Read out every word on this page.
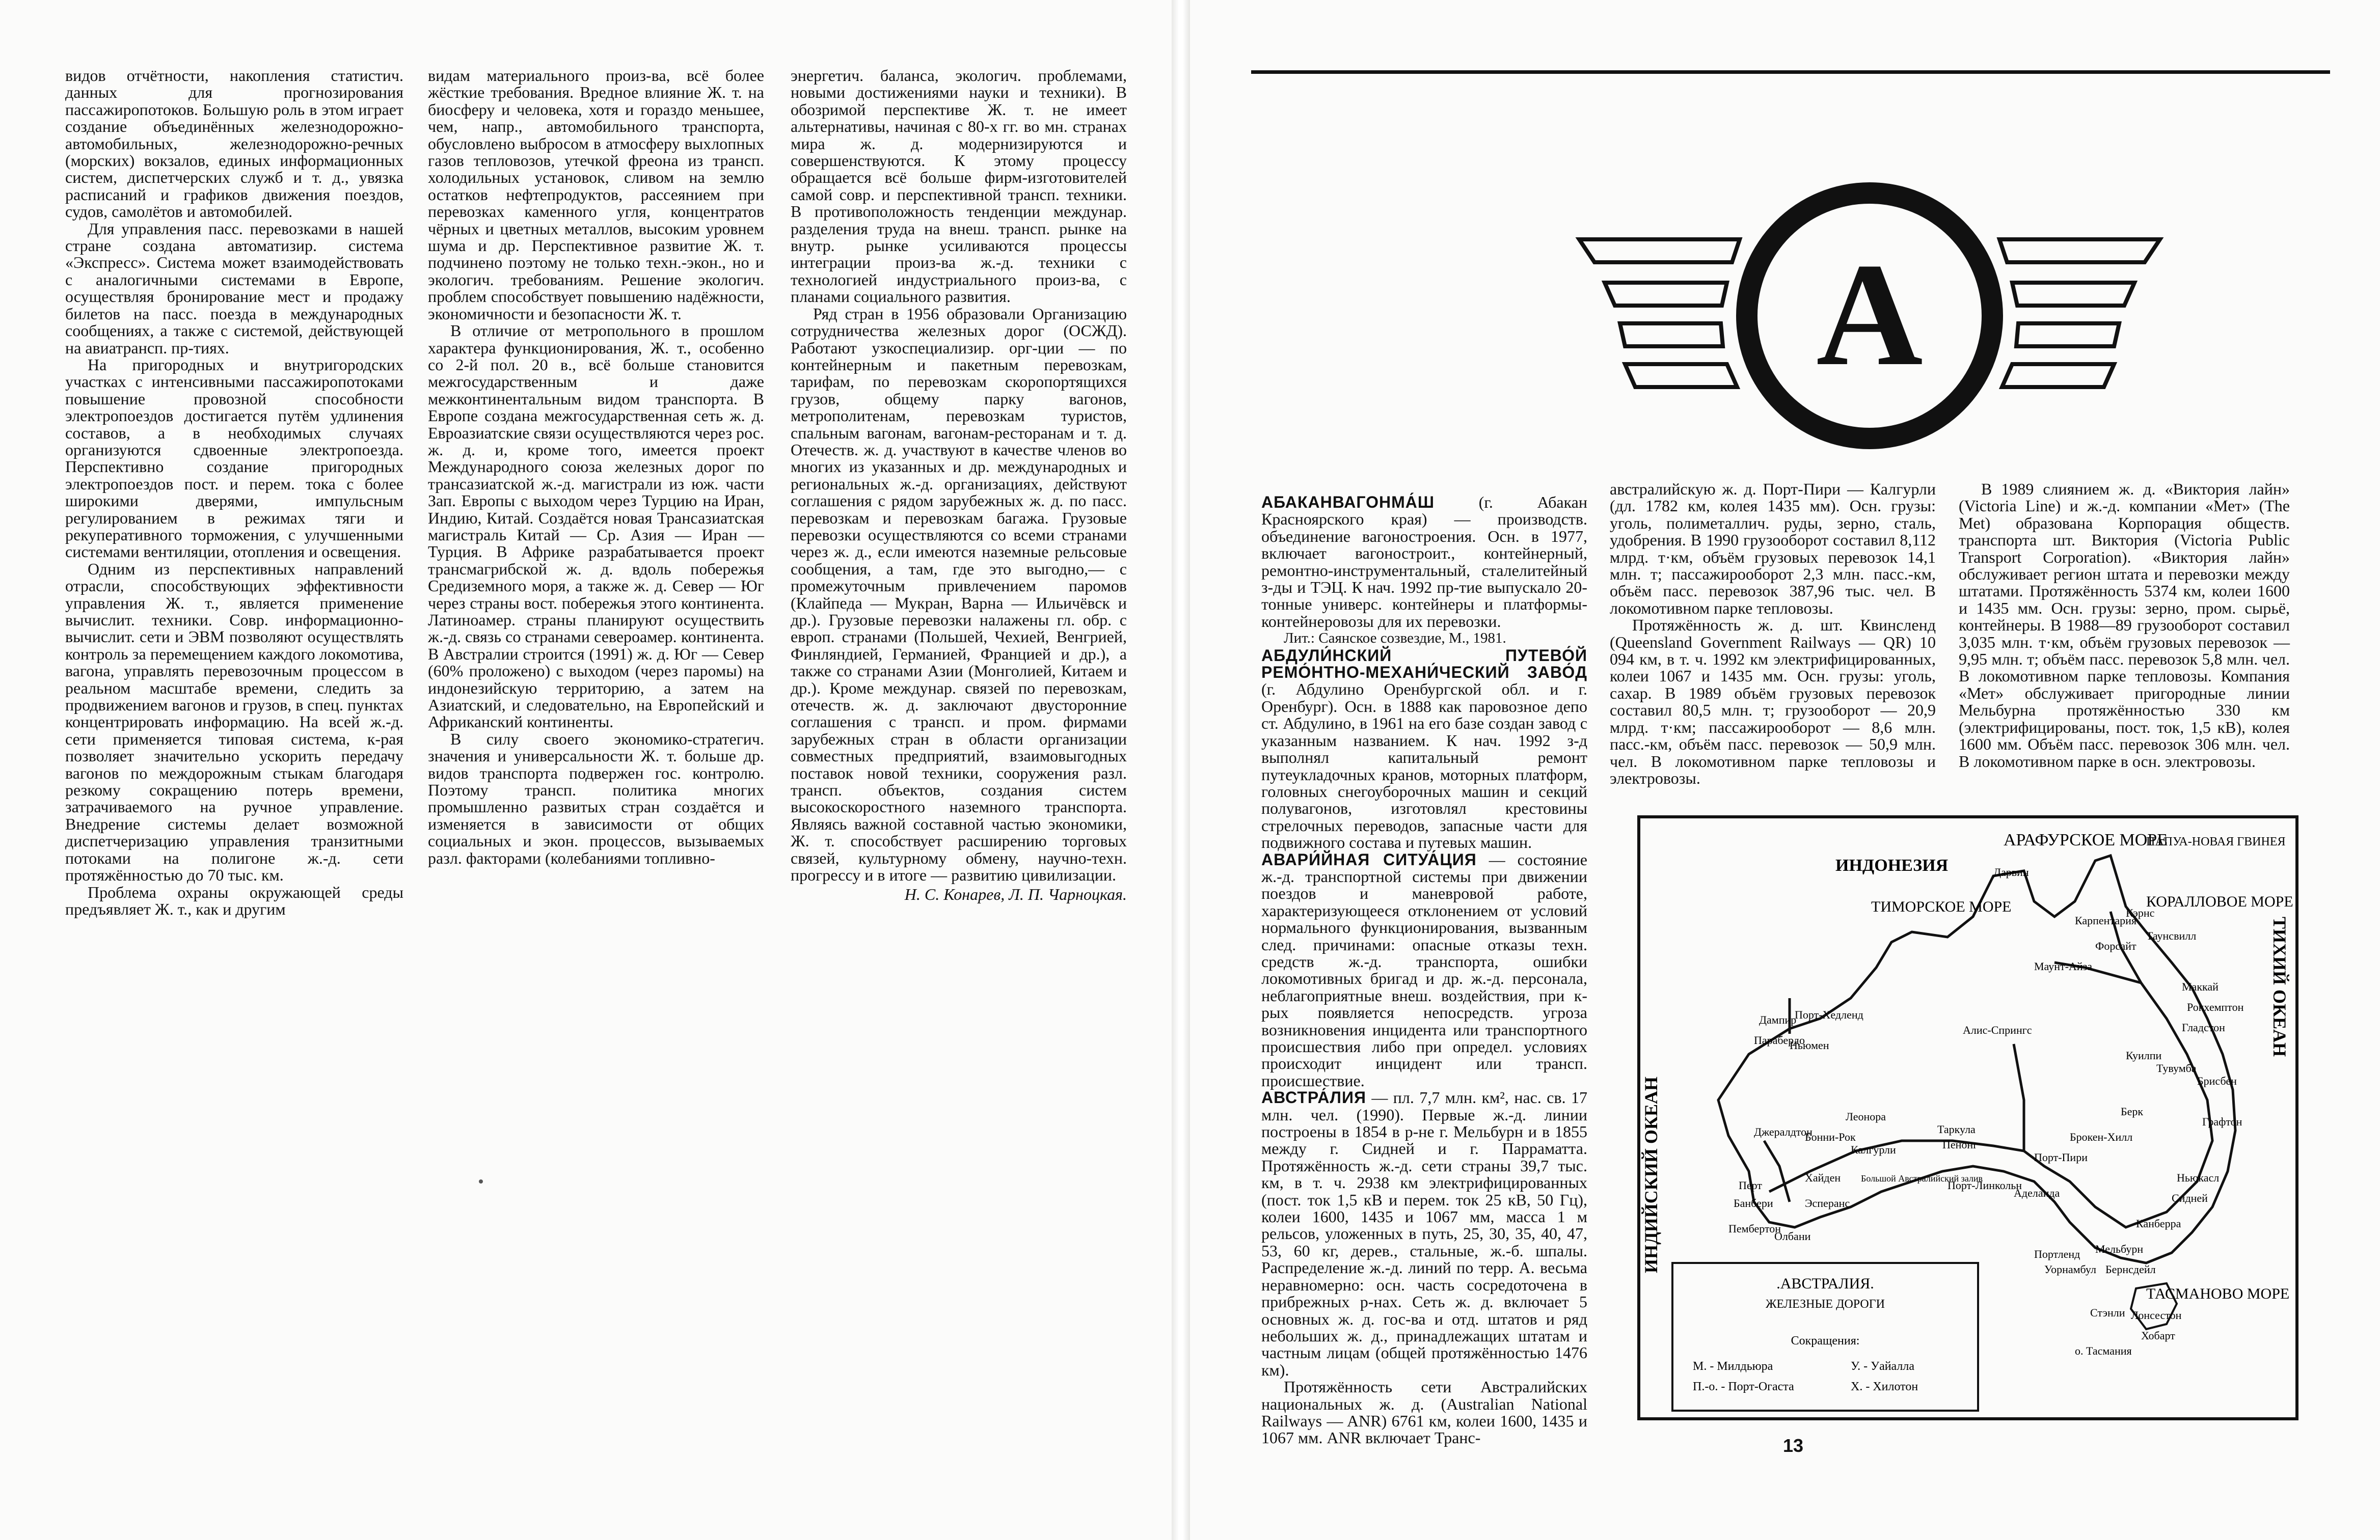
видов отчётности, накопления статистич. данных для прогнозирования пассажиропотоков. Большую роль в этом играет создание объединённых железнодорожно-автомобильных, железнодорожно-речных (морских) вокзалов, единых информационных систем, диспетчерских служб и т. д., увязка расписаний и графиков движения поездов, судов, самолётов и автомобилей.

Для управления пасс. перевозками в нашей стране создана автоматизир. система «Экспресс». Система может взаимодействовать с аналогичными системами в Европе, осуществляя бронирование мест и продажу билетов на пасс. поезда в международных сообщениях, а также с системой, действующей на авиатрансп. пр-тиях.

На пригородных и внутригородских участках с интенсивными пассажиропотоками повышение провозной способности электропоездов достигается путём удлинения составов, а в необходимых случаях организуются сдвоенные электропоезда. Перспективно создание пригородных электропоездов пост. и перем. тока с более широкими дверями, импульсным регулированием в режимах тяги и рекуперативного торможения, с улучшенными системами вентиляции, отопления и освещения.

Одним из перспективных направлений отрасли, способствующих эффективности управления Ж. т., является применение вычислит. техники. Совр. информационно-вычислит. сети и ЭВМ позволяют осуществлять контроль за перемещением каждого локомотива, вагона, управлять перевозочным процессом в реальном масштабе времени, следить за продвижением вагонов и грузов, в спец. пунктах концентрировать информацию. На всей ж.-д. сети применяется типовая система, к-рая позволяет значительно ускорить передачу вагонов по междорожным стыкам благодаря резкому сокращению потерь времени, затрачиваемого на ручное управление. Внедрение системы делает возможной диспетчеризацию управления транзитными потоками на полигоне ж.-д. сети протяжённостью до 70 тыс. км.

Проблема охраны окружающей среды предъявляет Ж. т., как и другим

видам материального произ-ва, всё более жёсткие требования. Вредное влияние Ж. т. на биосферу и человека, хотя и гораздо меньшее, чем, напр., автомобильного транспорта, обусловлено выбросом в атмосферу выхлопных газов тепловозов, утечкой фреона из трансп. холодильных установок, сливом на землю остатков нефтепродуктов, рассеянием при перевозках каменного угля, концентратов чёрных и цветных металлов, высоким уровнем шума и др. Перспективное развитие Ж. т. подчинено поэтому не только техн.-экон., но и экологич. требованиям. Решение экологич. проблем способствует повышению надёжности, экономичности и безопасности Ж. т.

В отличие от метропольного в прошлом характера функционирования, Ж. т., особенно со 2-й пол. 20 в., всё больше становится межгосударственным и даже межконтинентальным видом транспорта. В Европе создана межгосударственная сеть ж. д. Евроазиатские связи осуществляются через рос. ж. д. и, кроме того, имеется проект Международного союза железных дорог по трансазиатской ж.-д. магистрали из юж. части Зап. Европы с выходом через Турцию на Иран, Индию, Китай. Создаётся новая Трансазиатская магистраль Китай — Ср. Азия — Иран — Турция. В Африке разрабатывается проект трансмагрибской ж. д. вдоль побережья Средиземного моря, а также ж. д. Север — Юг через страны вост. побережья этого континента. Латиноамер. страны планируют осуществить ж.-д. связь со странами североамер. континента. В Австралии строится (1991) ж. д. Юг — Север (60% проложено) с выходом (через паромы) на индонезийскую территорию, а затем на Азиатский, и следовательно, на Европейский и Африканский континенты.

В силу своего экономико-стратегич. значения и универсальности Ж. т. больше др. видов транспорта подвержен гос. контролю. Поэтому трансп. политика многих промышленно развитых стран создаётся и изменяется в зависимости от общих социальных и экон. процессов, вызываемых разл. факторами (колебаниями топливно-

энергетич. баланса, экологич. проблемами, новыми достижениями науки и техники). В обозримой перспективе Ж. т. не имеет альтернативы, начиная с 80-х гг. во мн. странах мира ж. д. модернизируются и совершенствуются. К этому процессу обращается всё больше фирм-изготовителей самой совр. и перспективной трансп. техники. В противоположность тенденции междунар. разделения труда на внеш. трансп. рынке на внутр. рынке усиливаются процессы интеграции произ-ва ж.-д. техники с технологией индустриального произ-ва, с планами социального развития.

Ряд стран в 1956 образовали Организацию сотрудничества железных дорог (ОСЖД). Работают узкоспециализир. орг-ции — по контейнерным и пакетным перевозкам, тарифам, по перевозкам скоропортящихся грузов, общему парку вагонов, метрополитенам, перевозкам туристов, спальным вагонам, вагонам-ресторанам и т. д. Отечеств. ж. д. участвуют в качестве членов во многих из указанных и др. международных и региональных ж.-д. организациях, действуют соглашения с рядом зарубежных ж. д. по пасс. перевозкам и перевозкам багажа. Грузовые перевозки осуществляются со всеми странами через ж. д., если имеются наземные рельсовые сообщения, а там, где это выгодно,— с промежуточным привлечением паромов (Клайпеда — Мукран, Варна — Ильичёвск и др.). Грузовые перевозки налажены гл. обр. с европ. странами (Польшей, Чехией, Венгрией, Финляндией, Германией, Францией и др.), а также со странами Азии (Монголией, Китаем и др.). Кроме междунар. связей по перевозкам, отечеств. ж. д. заключают двусторонние соглашения с трансп. и пром. фирмами зарубежных стран в области организации совместных предприятий, взаимовыгодных поставок новой техники, сооружения разл. трансп. объектов, создания систем высокоскоростного наземного транспорта. Являясь важной составной частью экономики, Ж. т. способствует расширению торговых связей, культурному обмену, научно-техн. прогрессу и в итоге — развитию цивилизации.

Н. С. Конарев, Л. П. Чарноцкая.

А

АБАКАНВАГОНМА́Ш	(г. Абакан Красноярского края) — производств. объединение вагоностроения. Осн. в 1977, включает вагоностроит., контейнерный, ремонтно-инструментальный, сталелитейный з-ды и ТЭЦ. К нач. 1992 пр-тие выпускало 20-тонные универс. контейнеры и платформы-контейнеровозы для их перевозки.

Лит.: Саянское созвездие, М., 1981.

АБДУЛИ́НСКИЙ ПУТЕВО́Й РЕМО́НТНО-МЕХАНИ́ЧЕСКИЙ ЗАВО́Д (г. Абдулино Оренбургской обл. и г. Оренбург). Осн. в 1888 как паровозное депо ст. Абдулино, в 1961 на его базе создан завод с указанным названием. К нач. 1992 з-д выполнял капитальный ремонт путеукладочных кранов, моторных платформ, головных снегоуборочных машин и секций полувагонов, изготовлял крестовины стрелочных переводов, запасные части для подвижного состава и путевых машин.

АВАРИ́ЙНАЯ СИТУА́ЦИЯ — состояние ж.-д. транспортной системы при движении поездов и маневровой работе, характеризующееся отклонением от условий нормального функционирования, вызванным след. причинами: опасные отказы техн. средств ж.-д. транспорта, ошибки локомотивных бригад и др. ж.-д. персонала, неблагоприятные внеш. воздействия, при к-рых появляется непосредств. угроза возникновения инцидента или транспортного происшествия либо при определ. условиях происходит инцидент или трансп. происшествие.

АВСТРА́ЛИЯ — пл. 7,7 млн. км², нас. св. 17 млн. чел. (1990). Первые ж.-д. линии построены в 1854 в р-не г. Мельбурн и в 1855 между г. Сидней и г. Парраматта. Протяжённость ж.-д. сети страны 39,7 тыс. км, в т. ч. 2938 км электрифицированных (пост. ток 1,5 кВ и перем. ток 25 кВ, 50 Гц), колеи 1600, 1435 и 1067 мм, масса 1 м рельсов, уложенных в путь, 25, 30, 35, 40, 47, 53, 60 кг, дерев., стальные, ж.-б. шпалы. Распределение ж.-д. линий по терр. А. весьма неравномерно: осн. часть сосредоточена в прибрежных р-нах. Сеть ж. д. включает 5 основных ж. д. гос-ва и отд. штатов и ряд небольших ж. д., принадлежащих штатам и частным лицам (общей протяжённостью 1476 км).

Протяжённость сети Австралийских национальных ж. д. (Australian National Railways — ANR) 6761 км, колеи 1600, 1435 и 1067 мм. ANR включает Транс-

австралийскую ж. д. Порт-Пири — Калгурли (дл. 1782 км, колея 1435 мм). Осн. грузы: уголь, полиметаллич. руды, зерно, сталь, удобрения. В 1990 грузооборот составил 8,112 млрд. т·км, объём грузовых перевозок 14,1 млн. т; пассажирооборот 2,3 млн. пасс.-км, объём пасс. перевозок 387,96 тыс. чел. В локомотивном парке тепловозы.

Протяжённость ж. д. шт. Квинсленд (Queensland Government Railways — QR) 10 094 км, в т. ч. 1992 км электрифицированных, колеи 1067 и 1435 мм. Осн. грузы: уголь, сахар. В 1989 объём грузовых перевозок составил 80,5 млн. т; грузооборот — 20,9 млрд. т·км; пассажирооборот — 8,6 млн. пасс.-км, объём пасс. перевозок — 50,9 млн. чел. В локомотивном парке тепловозы и электровозы.

В 1989 слиянием ж. д. «Виктория лайн» (Victoria Line) и ж.-д. компании «Мет» (The Met) образована Корпорация обществ. транспорта шт. Виктория (Victoria Public Transport Corporation). «Виктория лайн» обслуживает регион штата и перевозки между штатами. Протяжённость 5374 км, колеи 1600 и 1435 мм. Осн. грузы: зерно, пром. сырьё, контейнеры. В 1988—89 грузооборот составил 3,035 млн. т·км, объём грузовых перевозок — 9,95 млн. т; объём пасс. перевозок 5,8 млн. чел. В локомотивном парке тепловозы. Компания «Мет» обслуживает пригородные линии Мельбурна протяжённостью 330 км (электрифицированы, пост. ток, 1,5 кВ), колея 1600 мм. Объём пасс. перевозок 306 млн. чел. В локомотивном парке в осн. электровозы.

ИНДОНЕЗИЯ
АРАФУРСКОЕ МОРЕ
ПАПУА-НОВАЯ ГВИНЕЯ
ТИМОРСКОЕ МОРЕ	КОРАЛЛОВОЕ МОРЕ
ТАСМАНОВО МОРЕ
ИНДИЙСКИЙ ОКЕАН
ТИХИЙ ОКЕАН
Дампир
Порт-Хедленд
Парабердо
Ньюмен
Дарвин
Кэрнс
Карпентария
Форсайт
Таунсвилл
Маунт-Айза
Маккай
Рокхемптон
Гладстон
Алис-Спрингс
Куилпи
Тувумба
Брисбен
Джералдтон
Леонора
Бонни-Рок
Калгурли
Таркула
Пенонг
Порт-Пири
Брокен-Хилл
Берк
Графтон
Ньюкасл
Сидней
Перт
Банбери
Хайден
Эсперанс
Пембертон
Олбани
Порт-Линкольн
Аделаида
Канберра
Мельбурн
Портленд
Уорнамбул Бернсдейл
Стэнли Лонсестон
Хобарт
о. Тасмания
Большой Австралийский залив
.АВСТРАЛИЯ.
ЖЕЛЕЗНЫЕ ДОРОГИ
Сокращения:
М. - Милдьюра
П.-о. - Порт-Огаста
У. - Уайалла
Х. - Хилотон
13
